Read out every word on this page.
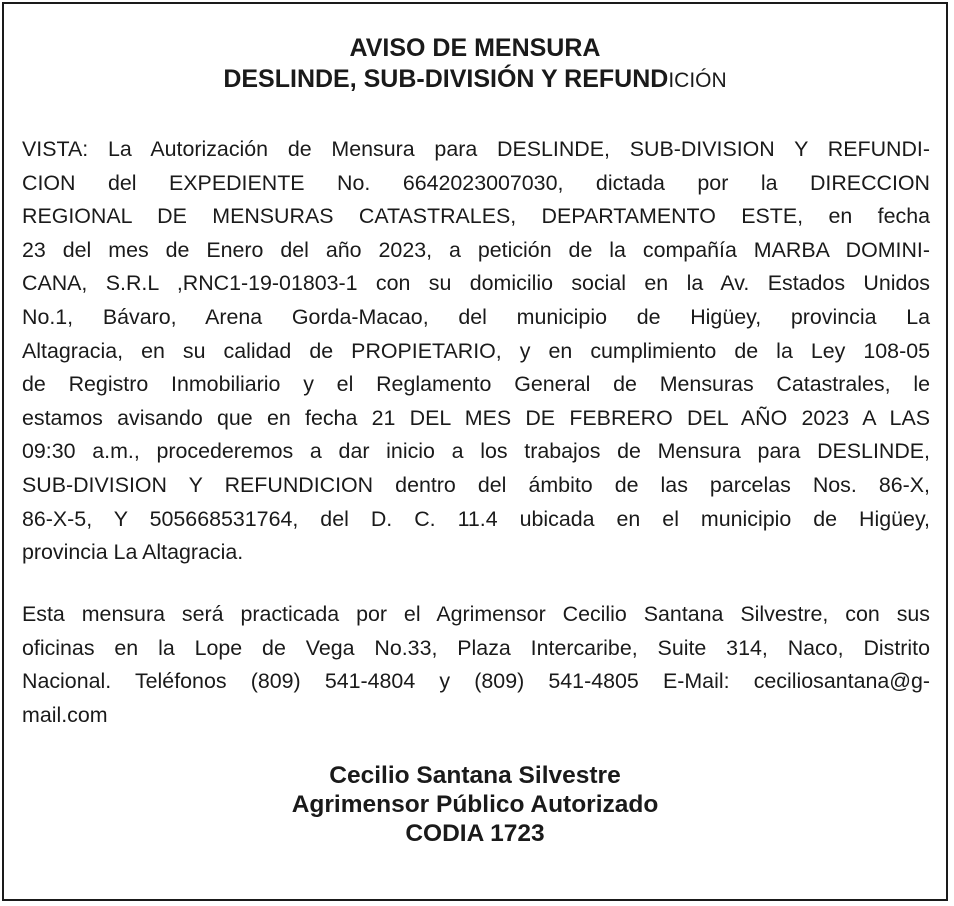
AVISO DE MENSURA
DESLINDE, SUB-DIVISIÓN Y REFUNDICIÓN
VISTA: La Autorización de Mensura para DESLINDE, SUB-DIVISION Y REFUNDI-
CION del EXPEDIENTE No. 6642023007030, dictada por la DIRECCION
REGIONAL DE MENSURAS CATASTRALES, DEPARTAMENTO ESTE, en fecha
23 del mes de Enero del año 2023, a petición de la compañía MARBA DOMINI-
CANA, S.R.L ,RNC1-19-01803-1 con su domicilio social en la Av. Estados Unidos
No.1, Bávaro, Arena Gorda-Macao, del municipio de Higüey, provincia La
Altagracia, en su calidad de PROPIETARIO, y en cumplimiento de la Ley 108-05
de Registro Inmobiliario y el Reglamento General de Mensuras Catastrales, le
estamos avisando que en fecha 21 DEL MES DE FEBRERO DEL AÑO 2023 A LAS
09:30 a.m., procederemos a dar inicio a los trabajos de Mensura para DESLINDE,
SUB-DIVISION Y REFUNDICION dentro del ámbito de las parcelas Nos. 86-X,
86-X-5, Y 505668531764, del D. C. 11.4 ubicada en el municipio de Higüey,
provincia La Altagracia.
Esta mensura será practicada por el Agrimensor Cecilio Santana Silvestre, con sus
oficinas en la Lope de Vega No.33, Plaza Intercaribe, Suite 314, Naco, Distrito
Nacional. Teléfonos (809) 541-4804 y (809) 541-4805 E-Mail: ceciliosantana@g-
mail.com
Cecilio Santana Silvestre
Agrimensor Público Autorizado
CODIA 1723
